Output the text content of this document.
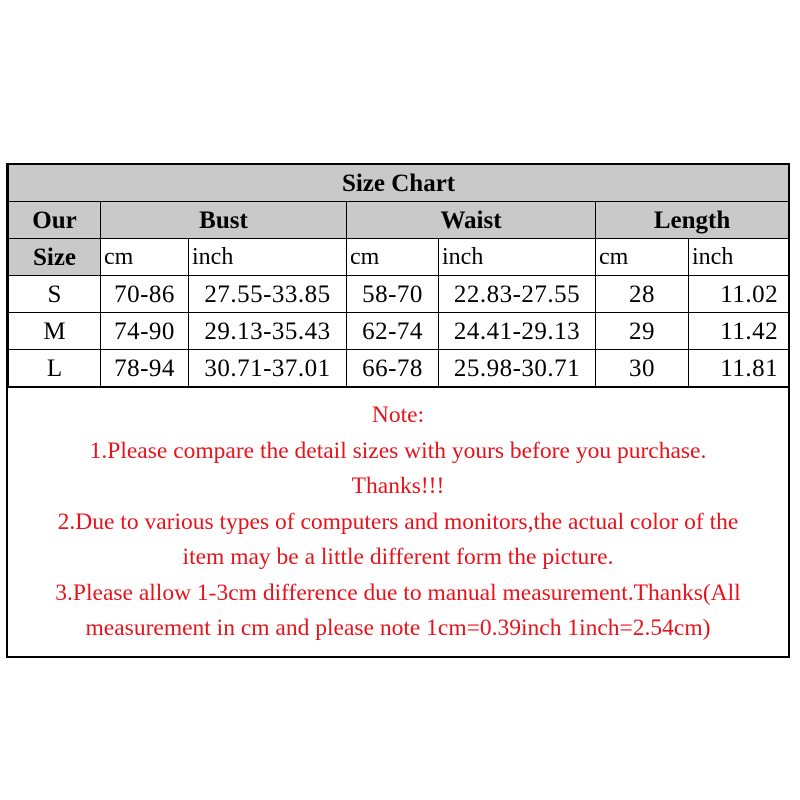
Size Chart						
Our	Bust		Waist		Length	
Size	cm	inch	cm	inch	cm	inch
S	70-86	27.55-33.85	58-70	22.83-27.55	28	11.02
M	74-90	29.13-35.43	62-74	24.41-29.13	29	11.42
L	78-94	30.71-37.01	66-78	25.98-30.71	30	11.81
Note:
1.Please compare the detail sizes with yours before you purchase.
Thanks!!!
2.Due to various types of computers and monitors,the actual color of the
item may be a little different form the picture.
3.Please allow 1-3cm difference due to manual measurement.Thanks(All
measurement in cm and please note 1cm=0.39inch 1inch=2.54cm)
